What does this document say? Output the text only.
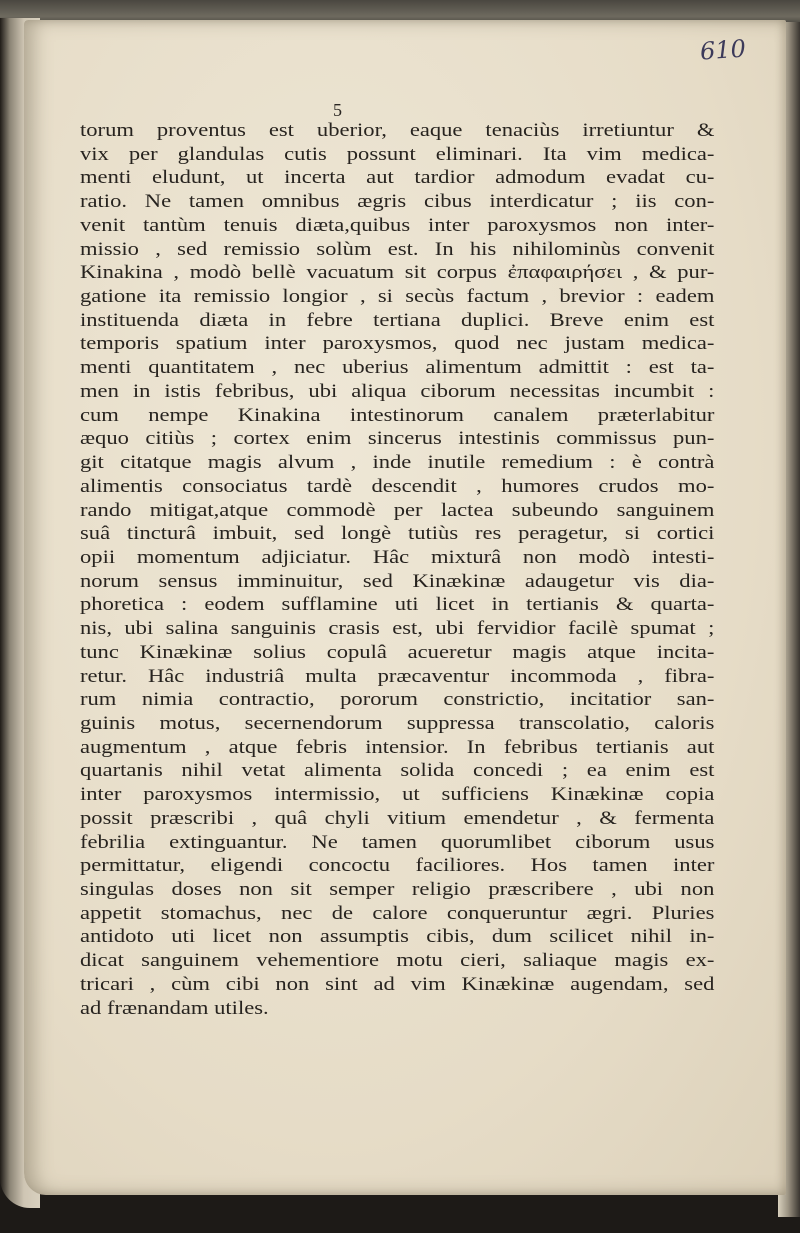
610
5

torum proventus est uberior, eaque tenaciùs irretiuntur &
vix per glandulas cutis possunt eliminari. Ita vim medica-
menti eludunt, ut incerta aut tardior admodum evadat cu-
ratio. Ne tamen omnibus ægris cibus interdicatur ; iis con-
venit tantùm tenuis diæta,quibus inter paroxysmos non inter-
missio , sed remissio solùm est. In his nihilominùs convenit
Kinakina , modò bellè vacuatum sit corpus ἐπαφαιρήσει , & pur-
gatione ita remissio longior , si secùs factum , brevior : eadem
instituenda diæta in febre tertiana duplici. Breve enim est
temporis spatium inter paroxysmos, quod nec justam medica-
menti quantitatem , nec uberius alimentum admittit : est ta-
men in istis febribus, ubi aliqua ciborum necessitas incumbit :
cum nempe Kinakina intestinorum canalem præterlabitur
æquo citiùs ; cortex enim sincerus intestinis commissus pun-
git citatque magis alvum , inde inutile remedium : è contrà
alimentis consociatus tardè descendit , humores crudos mo-
rando mitigat,atque commodè per lactea subeundo sanguinem
suâ tincturâ imbuit, sed longè tutiùs res peragetur, si cortici
opii momentum adjiciatur. Hâc mixturâ non modò intesti-
norum sensus imminuitur, sed Kinækinæ adaugetur vis dia-
phoretica : eodem sufflamine uti licet in tertianis & quarta-
nis, ubi salina sanguinis crasis est, ubi fervidior facilè spumat ;
tunc Kinækinæ solius copulâ acueretur magis atque incita-
retur. Hâc industriâ multa præcaventur incommoda , fibra-
rum nimia contractio, pororum constrictio, incitatior san-
guinis motus, secernendorum suppressa transcolatio, caloris
augmentum , atque febris intensior. In febribus tertianis aut
quartanis nihil vetat alimenta solida concedi ; ea enim est
inter paroxysmos intermissio, ut sufficiens Kinækinæ copia
possit præscribi , quâ chyli vitium emendetur , & fermenta
febrilia extinguantur. Ne tamen quorumlibet ciborum usus
permittatur, eligendi concoctu faciliores. Hos tamen inter
singulas doses non sit semper religio præscribere , ubi non
appetit stomachus, nec de calore conqueruntur ægri. Pluries
antidoto uti licet non assumptis cibis, dum scilicet nihil in-
dicat sanguinem vehementiore motu cieri, saliaque magis ex-
tricari , cùm cibi non sint ad vim Kinækinæ augendam, sed
ad frænandam utiles.
